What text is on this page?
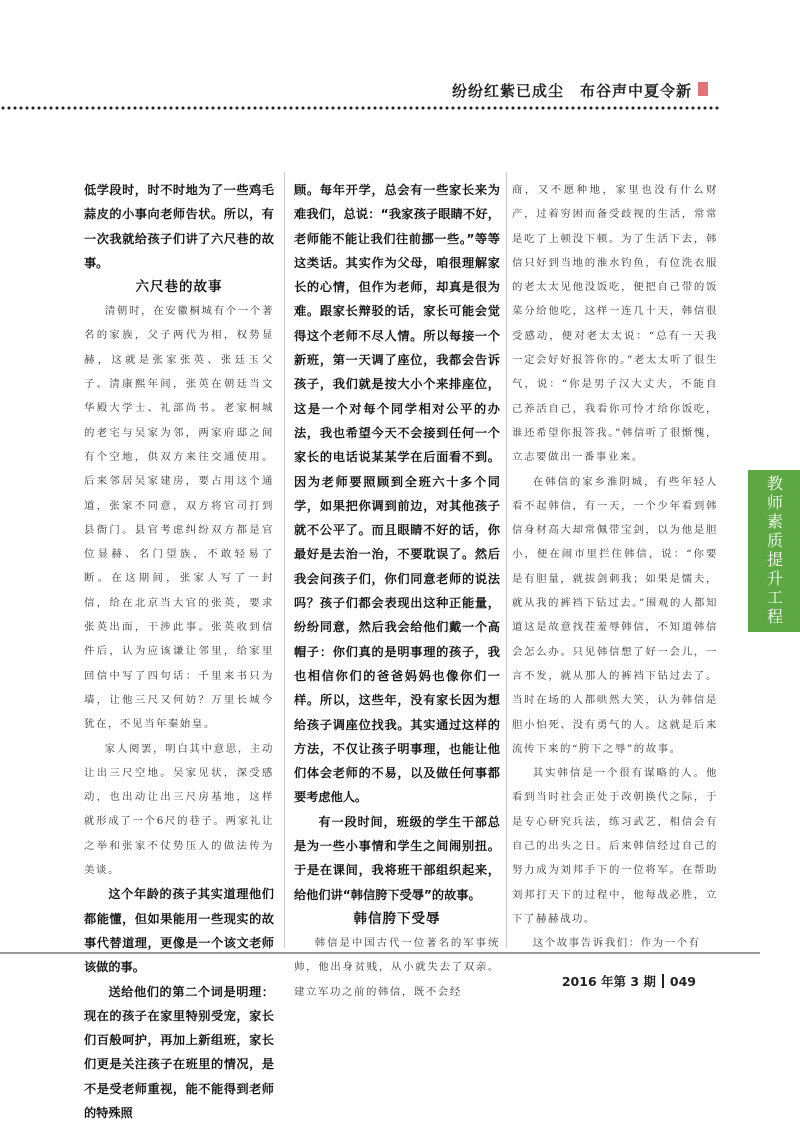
纷纷红紫已成尘　布谷声中夏令新

低学段时，时不时地为了一些鸡毛蒜皮的小事向老师告状。所以，有一次我就给孩子们讲了六尺巷的故事。

六尺巷的故事

清朝时，在安徽桐城有个一个著名的家族，父子两代为相，权势显赫，这就是张家张英、张廷玉父子。清康熙年间，张英在朝廷当文华殿大学士、礼部尚书。老家桐城的老宅与吴家为邻，两家府邸之间有个空地，供双方来往交通使用。后来邻居吴家建房，要占用这个通道，张家不同意，双方将官司打到县衙门。县官考虑纠纷双方都是官位显赫、名门望族，不敢轻易了断。在这期间，张家人写了一封信，给在北京当大官的张英，要求张英出面，干涉此事。张英收到信件后，认为应该谦让邻里，给家里回信中写了四句话：千里来书只为墙，让他三尺又何妨？万里长城今犹在，不见当年秦始皇。

家人阅罢，明白其中意思，主动让出三尺空地。吴家见状，深受感动，也出动让出三尺房基地，这样就形成了一个6尺的巷子。两家礼让之举和张家不仗势压人的做法传为美谈。

这个年龄的孩子其实道理他们都能懂，但如果能用一些现实的故事代替道理，更像是一个该文老师该做的事。

送给他们的第二个词是明理：现在的孩子在家里特别受宠，家长们百般呵护，再加上新组班，家长们更是关注孩子在班里的情况，是不是受老师重视，能不能得到老师的特殊照

顾。每年开学，总会有一些家长来为难我们，总说：“我家孩子眼睛不好，老师能不能让我们往前挪一些。”等等这类话。其实作为父母，咱很理解家长的心情，但作为老师，却真是很为难。跟家长辩驳的话，家长可能会觉得这个老师不尽人情。所以每接一个新班，第一天调了座位，我都会告诉孩子，我们就是按大小个来排座位，这是一个对每个同学相对公平的办法，我也希望今天不会接到任何一个家长的电话说某某学在后面看不到。因为老师要照顾到全班六十多个同学，如果把你调到前边，对其他孩子就不公平了。而且眼睛不好的话，你最好是去治一治，不要耽误了。然后我会问孩子们，你们同意老师的说法吗？孩子们都会表现出这种正能量，纷纷同意，然后我会给他们戴一个高帽子：你们真的是明事理的孩子，我也相信你们的爸爸妈妈也像你们一样。所以，这些年，没有家长因为想给孩子调座位找我。其实通过这样的方法，不仅让孩子明事理，也能让他们体会老师的不易，以及做任何事都要考虑他人。

有一段时间，班级的学生干部总是为一些小事情和学生之间闹别扭。于是在课间，我将班干部组织起来，给他们讲“韩信胯下受辱”的故事。

韩信胯下受辱

韩信是中国古代一位著名的军事统帅，他出身贫贱，从小就失去了双亲。建立军功之前的韩信，既不会经

商，又不愿种地，家里也没有什么财产，过着穷困而备受歧视的生活，常常是吃了上顿没下顿。为了生活下去，韩信只好到当地的淮水钓鱼，有位洗衣服的老太太见他没饭吃，便把自己带的饭菜分给他吃，这样一连几十天，韩信很受感动，便对老太太说：“总有一天我一定会好好报答你的。”老太太听了很生气，说：“你是男子汉大丈夫，不能自己养活自己，我看你可怜才给你饭吃，谁还希望你报答我。”韩信听了很惭愧，立志要做出一番事业来。

在韩信的家乡淮阴城，有些年轻人看不起韩信，有一天，一个少年看到韩信身材高大却常佩带宝剑，以为他是胆小，便在闹市里拦住韩信，说：“你要是有胆量，就拔剑刺我；如果是懦夫，就从我的裤裆下钻过去。”围观的人都知道这是故意找茬羞辱韩信，不知道韩信会怎么办。只见韩信想了好一会儿，一言不发，就从那人的裤裆下钻过去了。当时在场的人都哄然大笑，认为韩信是胆小怕死、没有勇气的人。这就是后来流传下来的“胯下之辱”的故事。

其实韩信是一个很有谋略的人。他看到当时社会正处于改朝换代之际，于是专心研究兵法，练习武艺，相信会有自己的出头之日。后来韩信经过自己的努力成为刘邦手下的一位将军。在帮助刘邦打天下的过程中，他每战必胜，立下了赫赫战功。

这个故事告诉我们：作为一个有

教师素质提升工程
2016 年第 3 期 049
